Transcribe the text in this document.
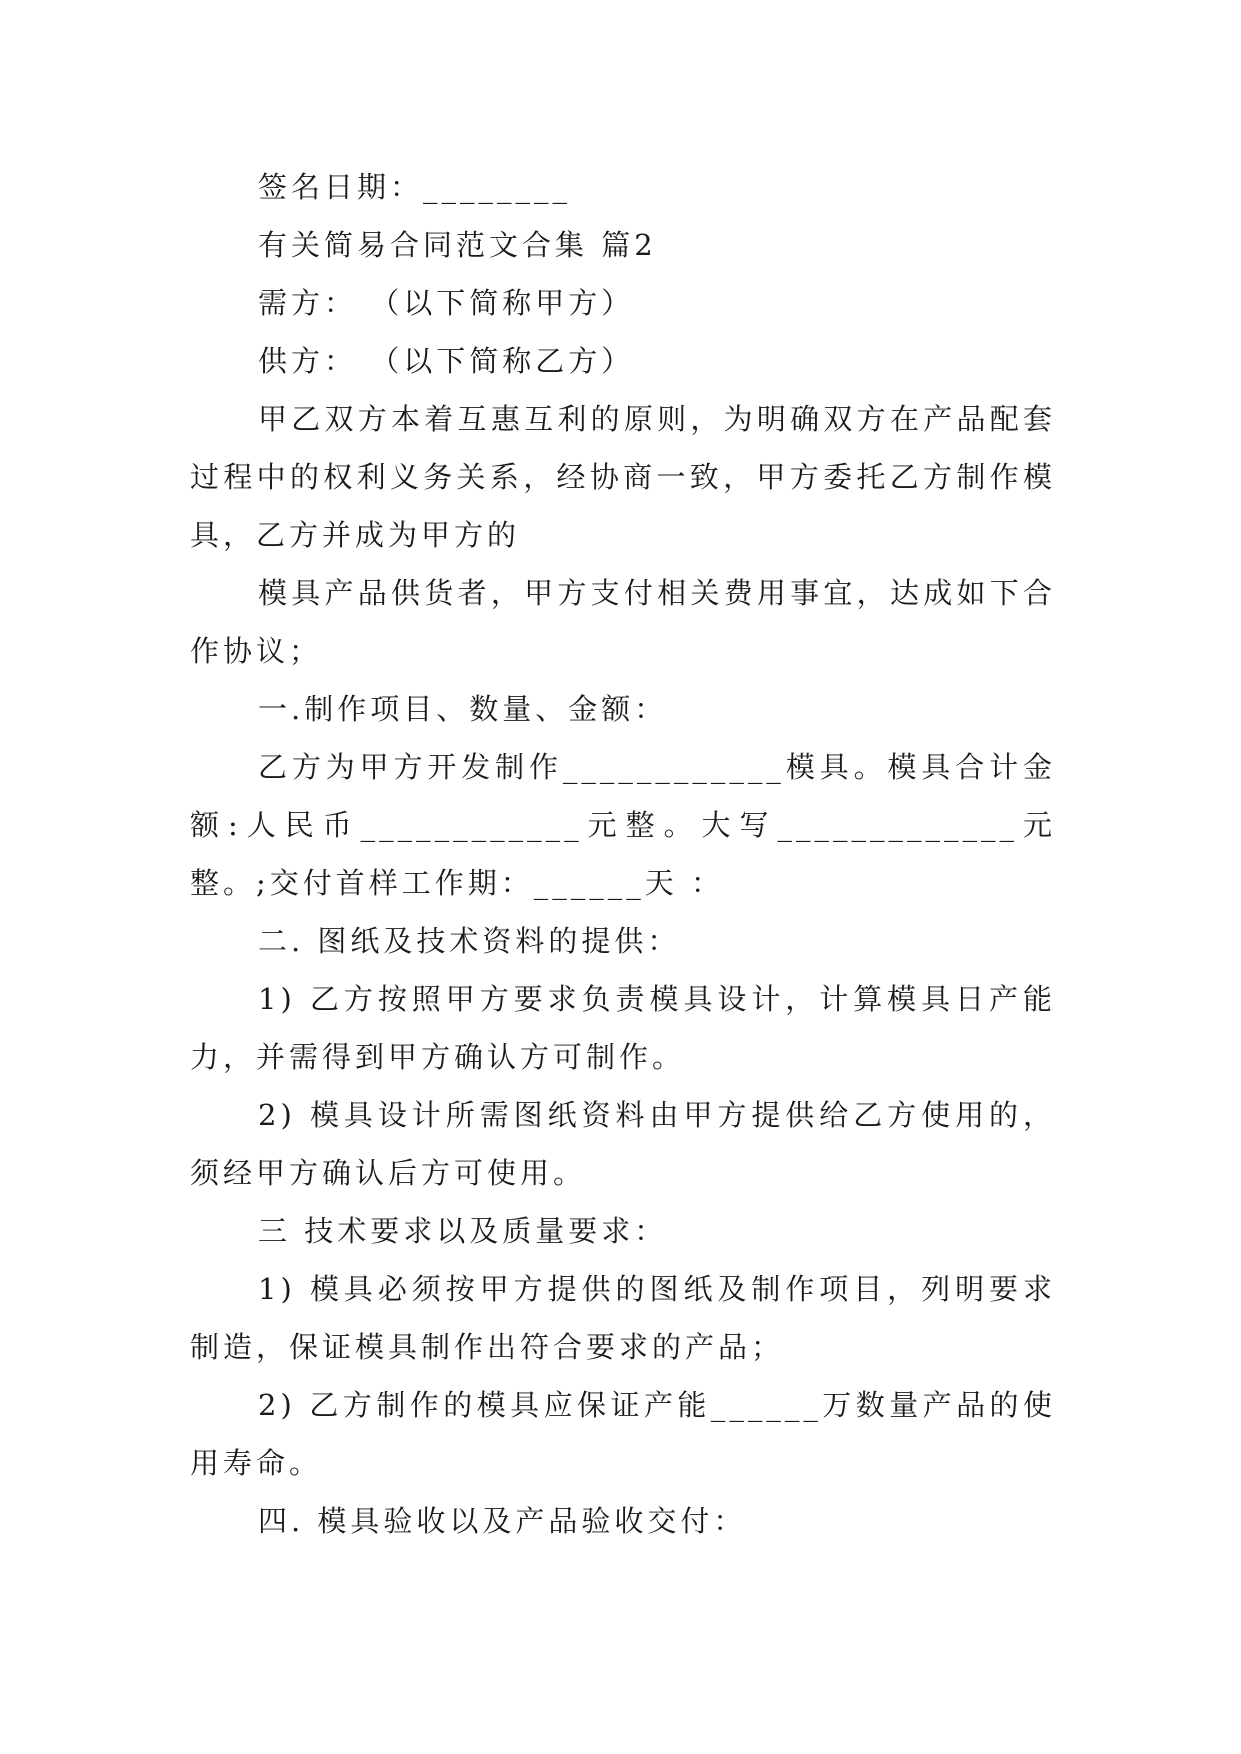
签名日期：________

有关简易合同范文合集 篇2

需方： （以下简称甲方）

供方： （以下简称乙方）

甲乙双方本着互惠互利的原则，为明确双方在产品配套过程中的权利义务关系，经协商一致，甲方委托乙方制作模具，乙方并成为甲方的

模具产品供货者，甲方支付相关费用事宜，达成如下合作协议；

一.制作项目、数量、金额：

乙方为甲方开发制作____________模具。模具合计金额:人民币____________元整。大写_____________元整。;交付首样工作期：______天 ：

二. 图纸及技术资料的提供：

1) 乙方按照甲方要求负责模具设计，计算模具日产能力，并需得到甲方确认方可制作。

2) 模具设计所需图纸资料由甲方提供给乙方使用的，须经甲方确认后方可使用。

三 技术要求以及质量要求：

1) 模具必须按甲方提供的图纸及制作项目，列明要求制造，保证模具制作出符合要求的产品；

2) 乙方制作的模具应保证产能______万数量产品的使用寿命。

四. 模具验收以及产品验收交付：
